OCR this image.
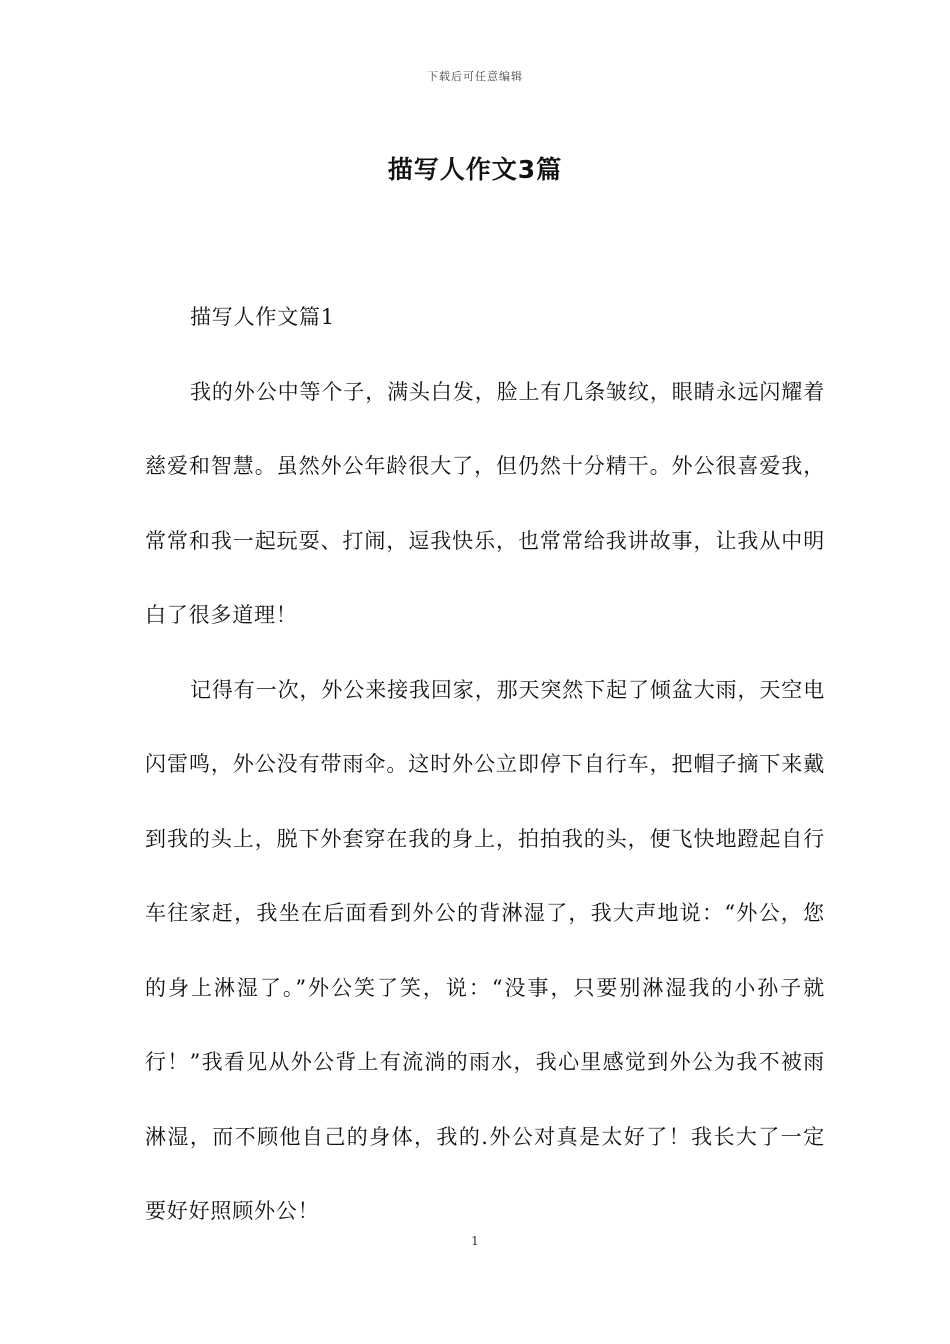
下载后可任意编辑
描写人作文3篇

描写人作文篇1

我的外公中等个子，满头白发，脸上有几条皱纹，眼睛永远闪耀着慈爱和智慧。虽然外公年龄很大了，但仍然十分精干。外公很喜爱我，常常和我一起玩耍、打闹，逗我快乐，也常常给我讲故事，让我从中明白了很多道理！

记得有一次，外公来接我回家，那天突然下起了倾盆大雨，天空电闪雷鸣，外公没有带雨伞。这时外公立即停下自行车，把帽子摘下来戴到我的头上，脱下外套穿在我的身上，拍拍我的头，便飞快地蹬起自行车往家赶，我坐在后面看到外公的背淋湿了，我大声地说：“外公，您的身上淋湿了。”外公笑了笑，说：“没事，只要别淋湿我的小孙子就行！”我看见从外公背上有流淌的雨水，我心里感觉到外公为我不被雨淋湿，而不顾他自己的身体，我的.外公对真是太好了！我长大了一定要好好照顾外公！

1
